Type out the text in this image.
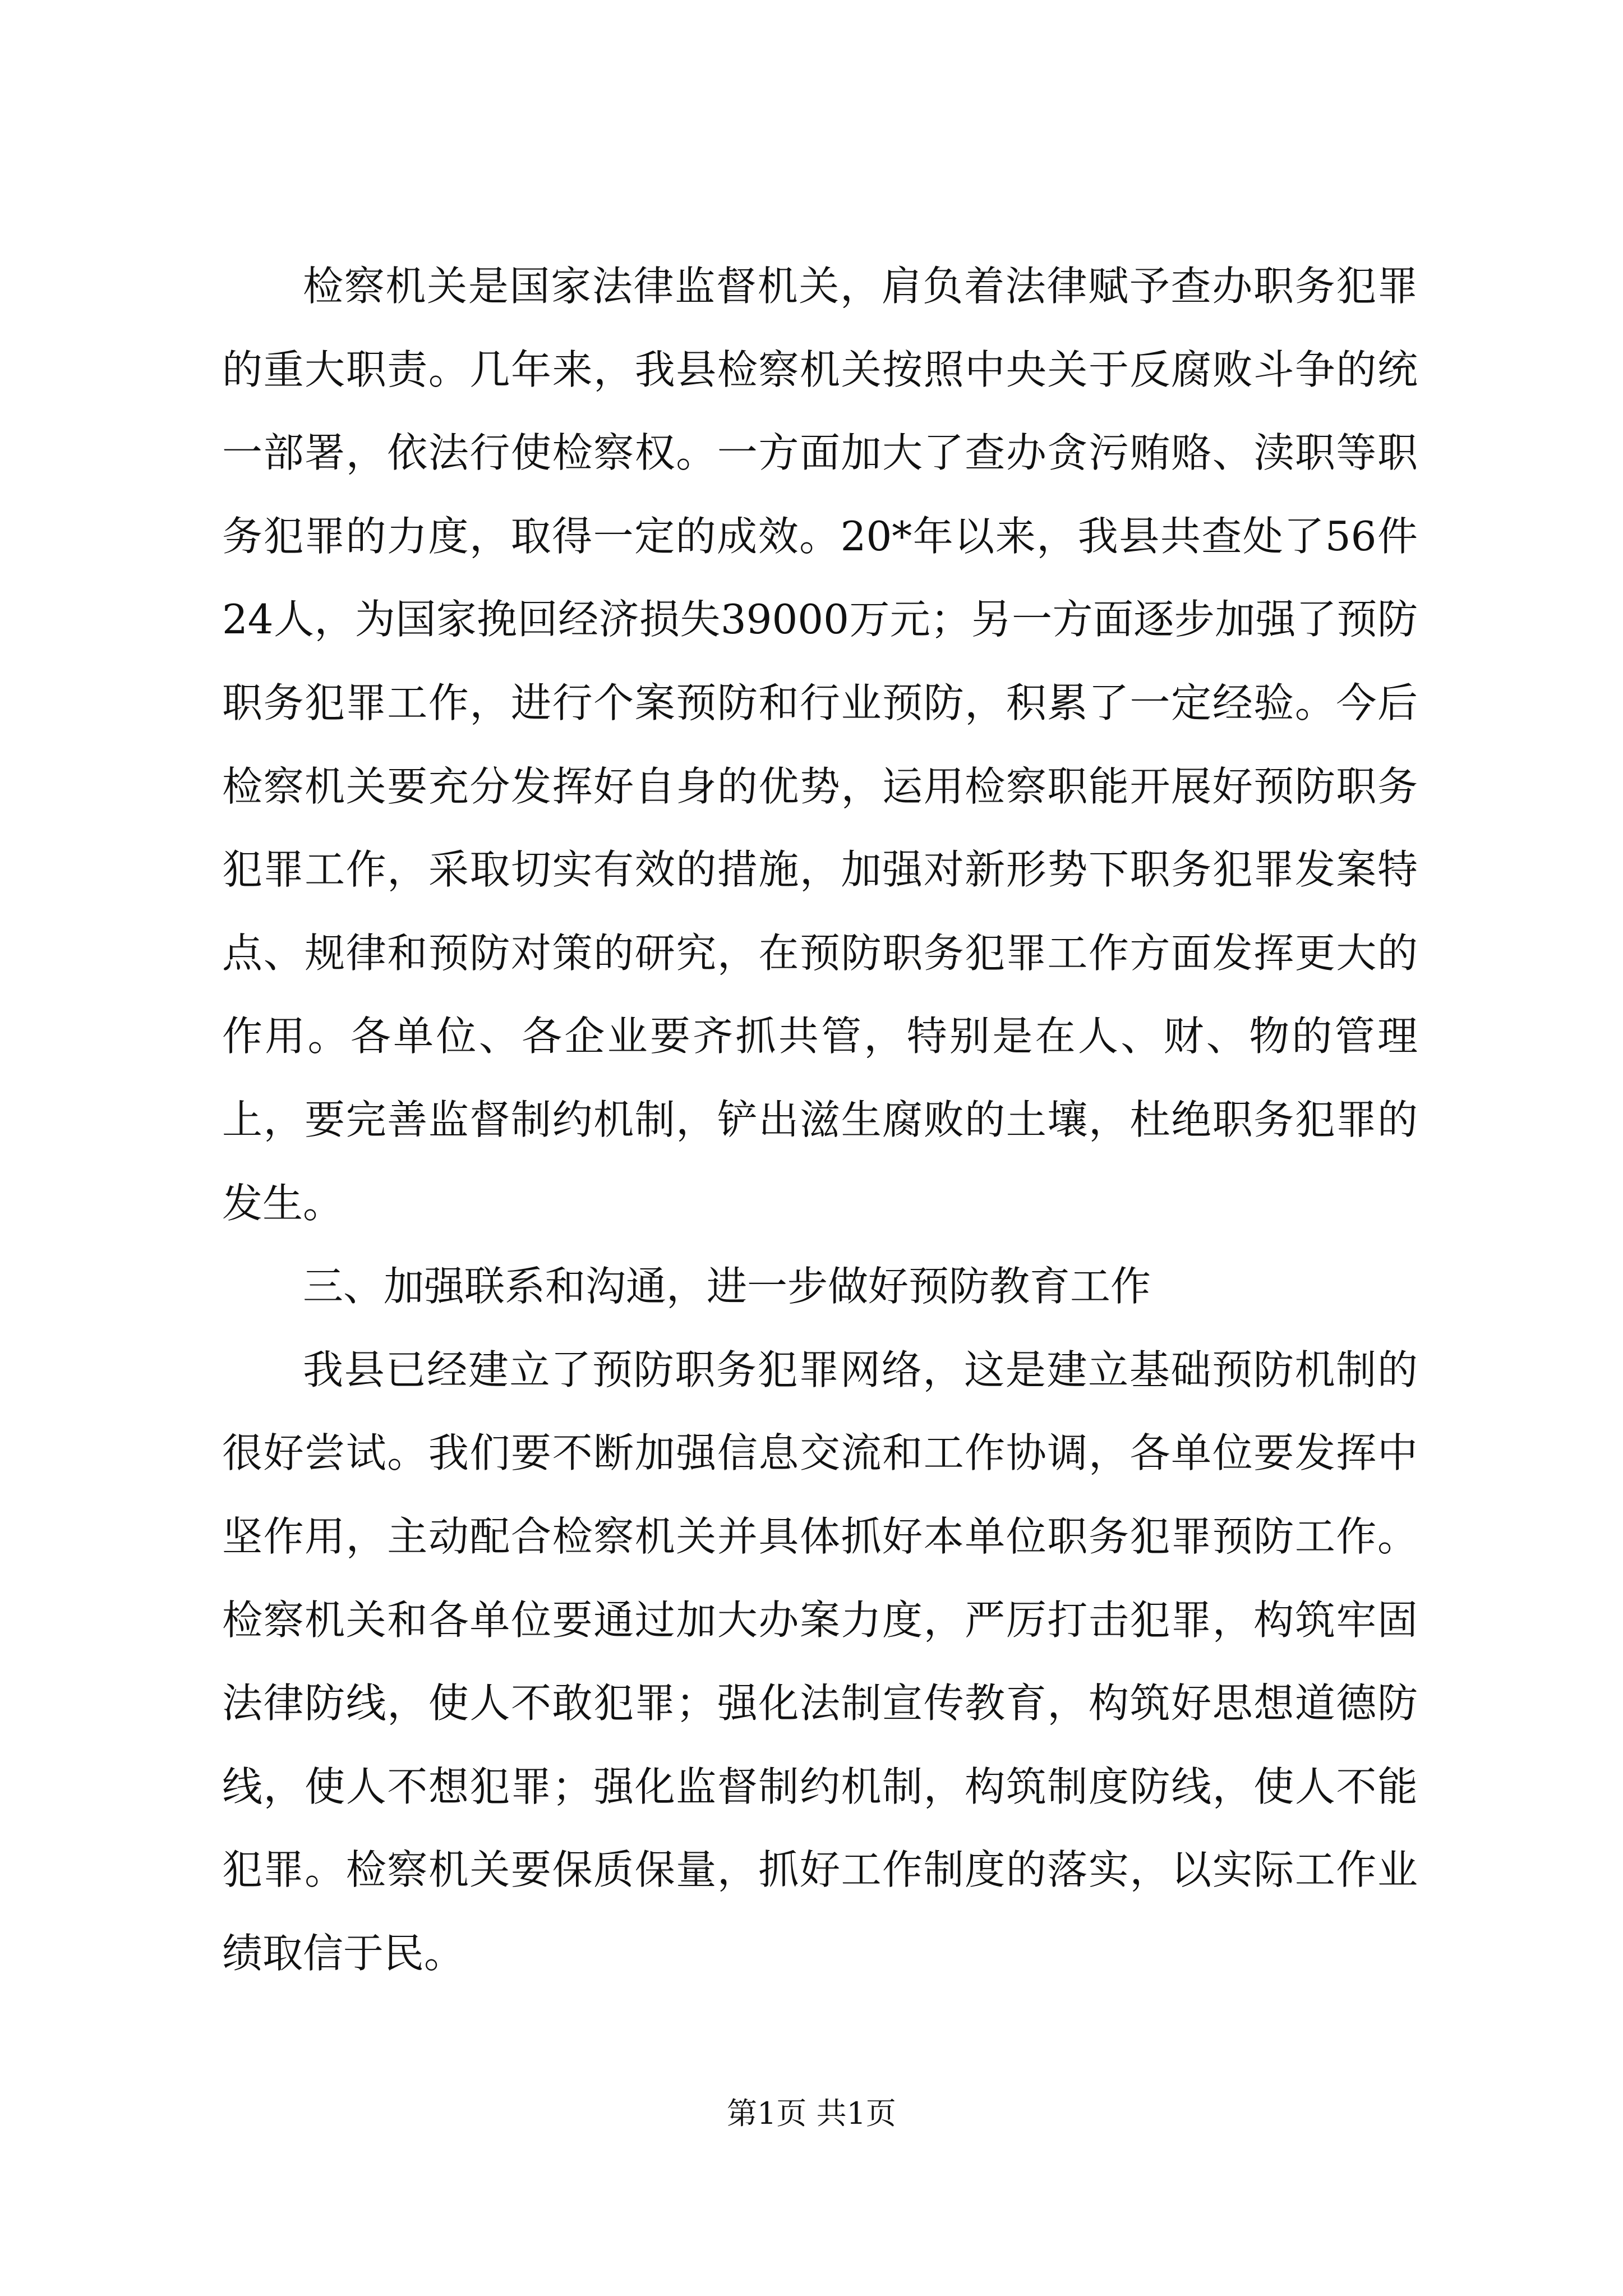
检察机关是国家法律监督机关，肩负着法律赋予查办职务犯罪的重大职责。几年来，我县检察机关按照中央关于反腐败斗争的统一部署，依法行使检察权。一方面加大了查办贪污贿赂、渎职等职务犯罪的力度，取得一定的成效。20*年以来，我县共查处了56件24人，为国家挽回经济损失39000万元；另一方面逐步加强了预防职务犯罪工作，进行个案预防和行业预防，积累了一定经验。今后检察机关要充分发挥好自身的优势，运用检察职能开展好预防职务犯罪工作，采取切实有效的措施，加强对新形势下职务犯罪发案特点、规律和预防对策的研究，在预防职务犯罪工作方面发挥更大的作用。各单位、各企业要齐抓共管，特别是在人、财、物的管理上，要完善监督制约机制，铲出滋生腐败的土壤，杜绝职务犯罪的发生。

三、加强联系和沟通，进一步做好预防教育工作

我县已经建立了预防职务犯罪网络，这是建立基础预防机制的很好尝试。我们要不断加强信息交流和工作协调，各单位要发挥中坚作用，主动配合检察机关并具体抓好本单位职务犯罪预防工作。检察机关和各单位要通过加大办案力度，严厉打击犯罪，构筑牢固法律防线，使人不敢犯罪；强化法制宣传教育，构筑好思想道德防线，使人不想犯罪；强化监督制约机制，构筑制度防线，使人不能犯罪。检察机关要保质保量，抓好工作制度的落实，以实际工作业绩取信于民。

第1页 共1页
